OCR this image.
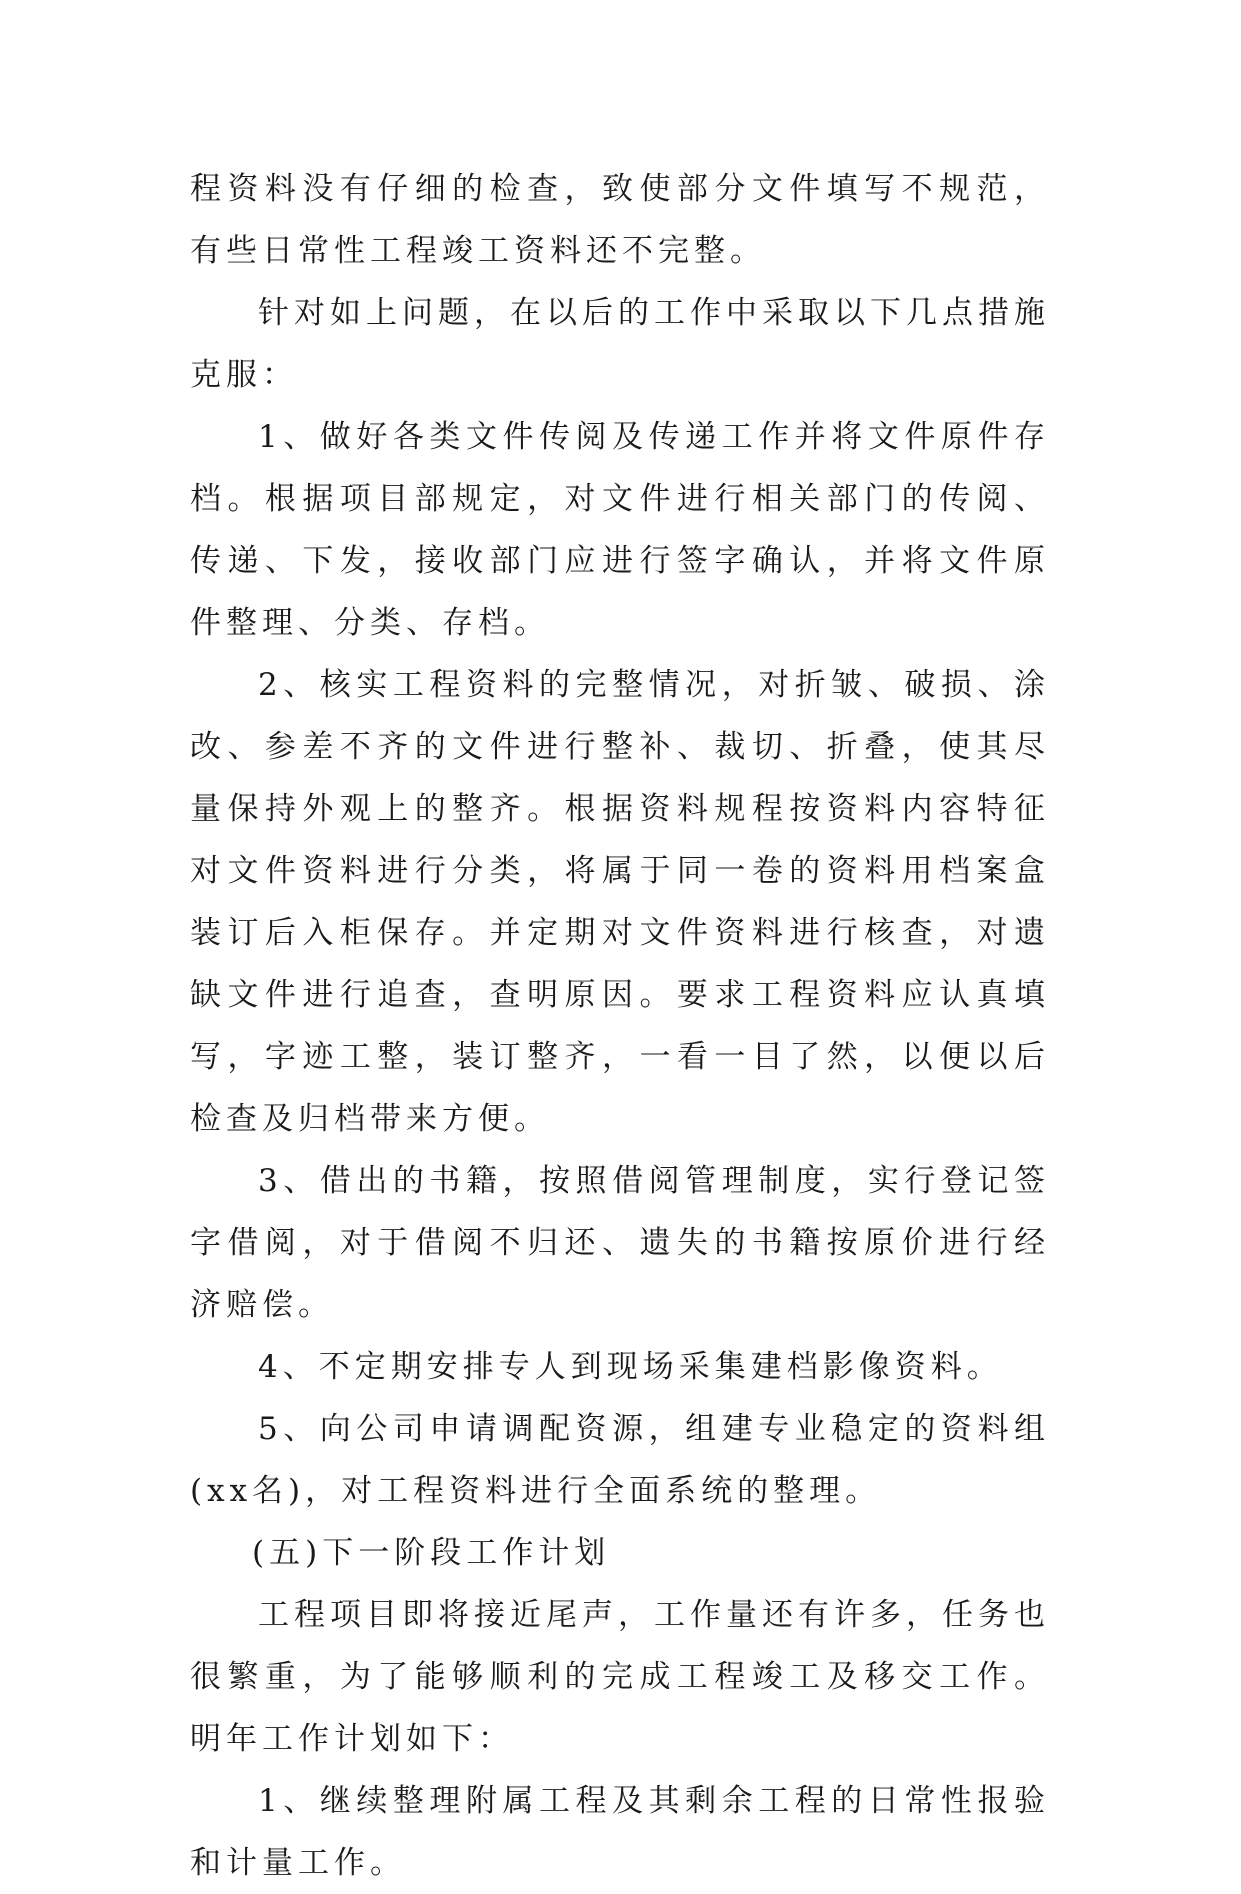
程资料没有仔细的检查，致使部分文件填写不规范，有些日常性工程竣工资料还不完整。

针对如上问题，在以后的工作中采取以下几点措施克服：

1、做好各类文件传阅及传递工作并将文件原件存档。根据项目部规定，对文件进行相关部门的传阅、传递、下发，接收部门应进行签字确认，并将文件原件整理、分类、存档。

2、核实工程资料的完整情况，对折皱、破损、涂改、参差不齐的文件进行整补、裁切、折叠，使其尽量保持外观上的整齐。根据资料规程按资料内容特征对文件资料进行分类，将属于同一卷的资料用档案盒装订后入柜保存。并定期对文件资料进行核查，对遗缺文件进行追查，查明原因。要求工程资料应认真填写，字迹工整，装订整齐，一看一目了然，以便以后检查及归档带来方便。

3、借出的书籍，按照借阅管理制度，实行登记签字借阅，对于借阅不归还、遗失的书籍按原价进行经济赔偿。

4、不定期安排专人到现场采集建档影像资料。

5、向公司申请调配资源，组建专业稳定的资料组(xx名)，对工程资料进行全面系统的整理。

(五)下一阶段工作计划

工程项目即将接近尾声，工作量还有许多，任务也很繁重，为了能够顺利的完成工程竣工及移交工作。明年工作计划如下：

1、继续整理附属工程及其剩余工程的日常性报验和计量工作。
